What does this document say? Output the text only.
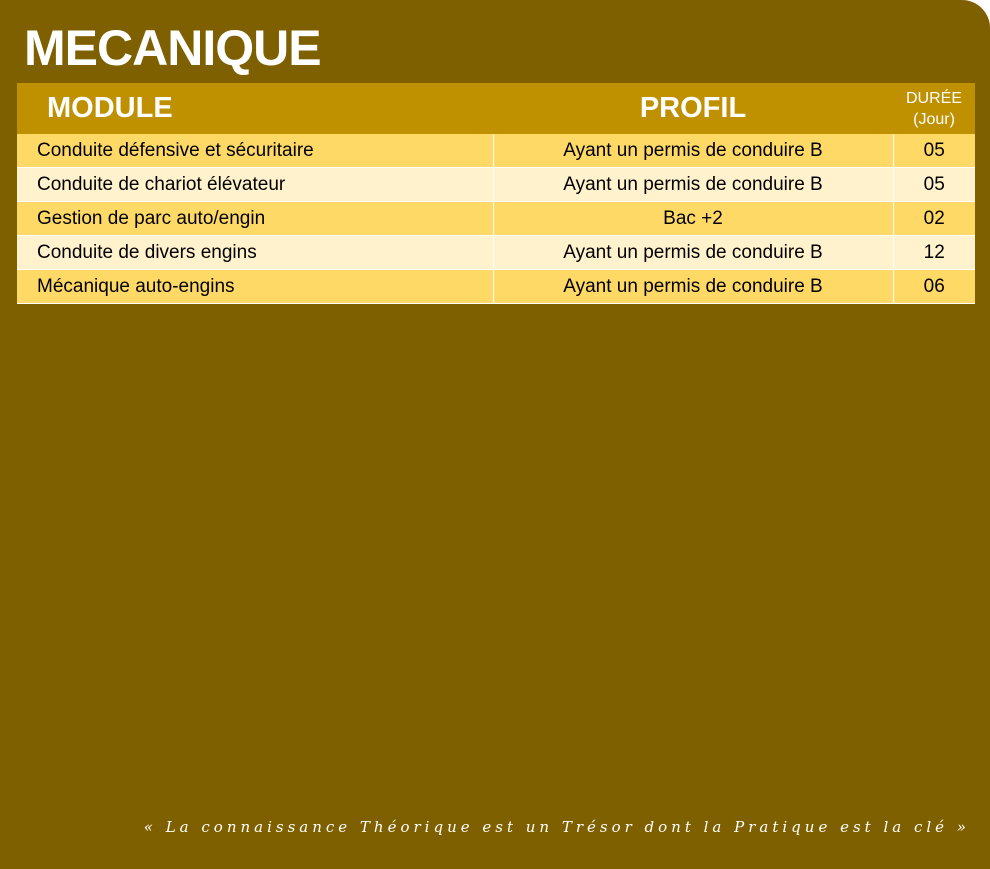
MECANIQUE
MODULE	PROFIL	DURÉE
(Jour)

Conduite défensive et sécuritaire	Ayant un permis de conduire B	05
Conduite de chariot élévateur	Ayant un permis de conduire B	05
Gestion de parc auto/engin	Bac +2	02
Conduite de divers engins	Ayant un permis de conduire B	12
Mécanique auto-engins	Ayant un permis de conduire B	06
« La connaissance Théorique est un Trésor dont la Pratique est la clé »
